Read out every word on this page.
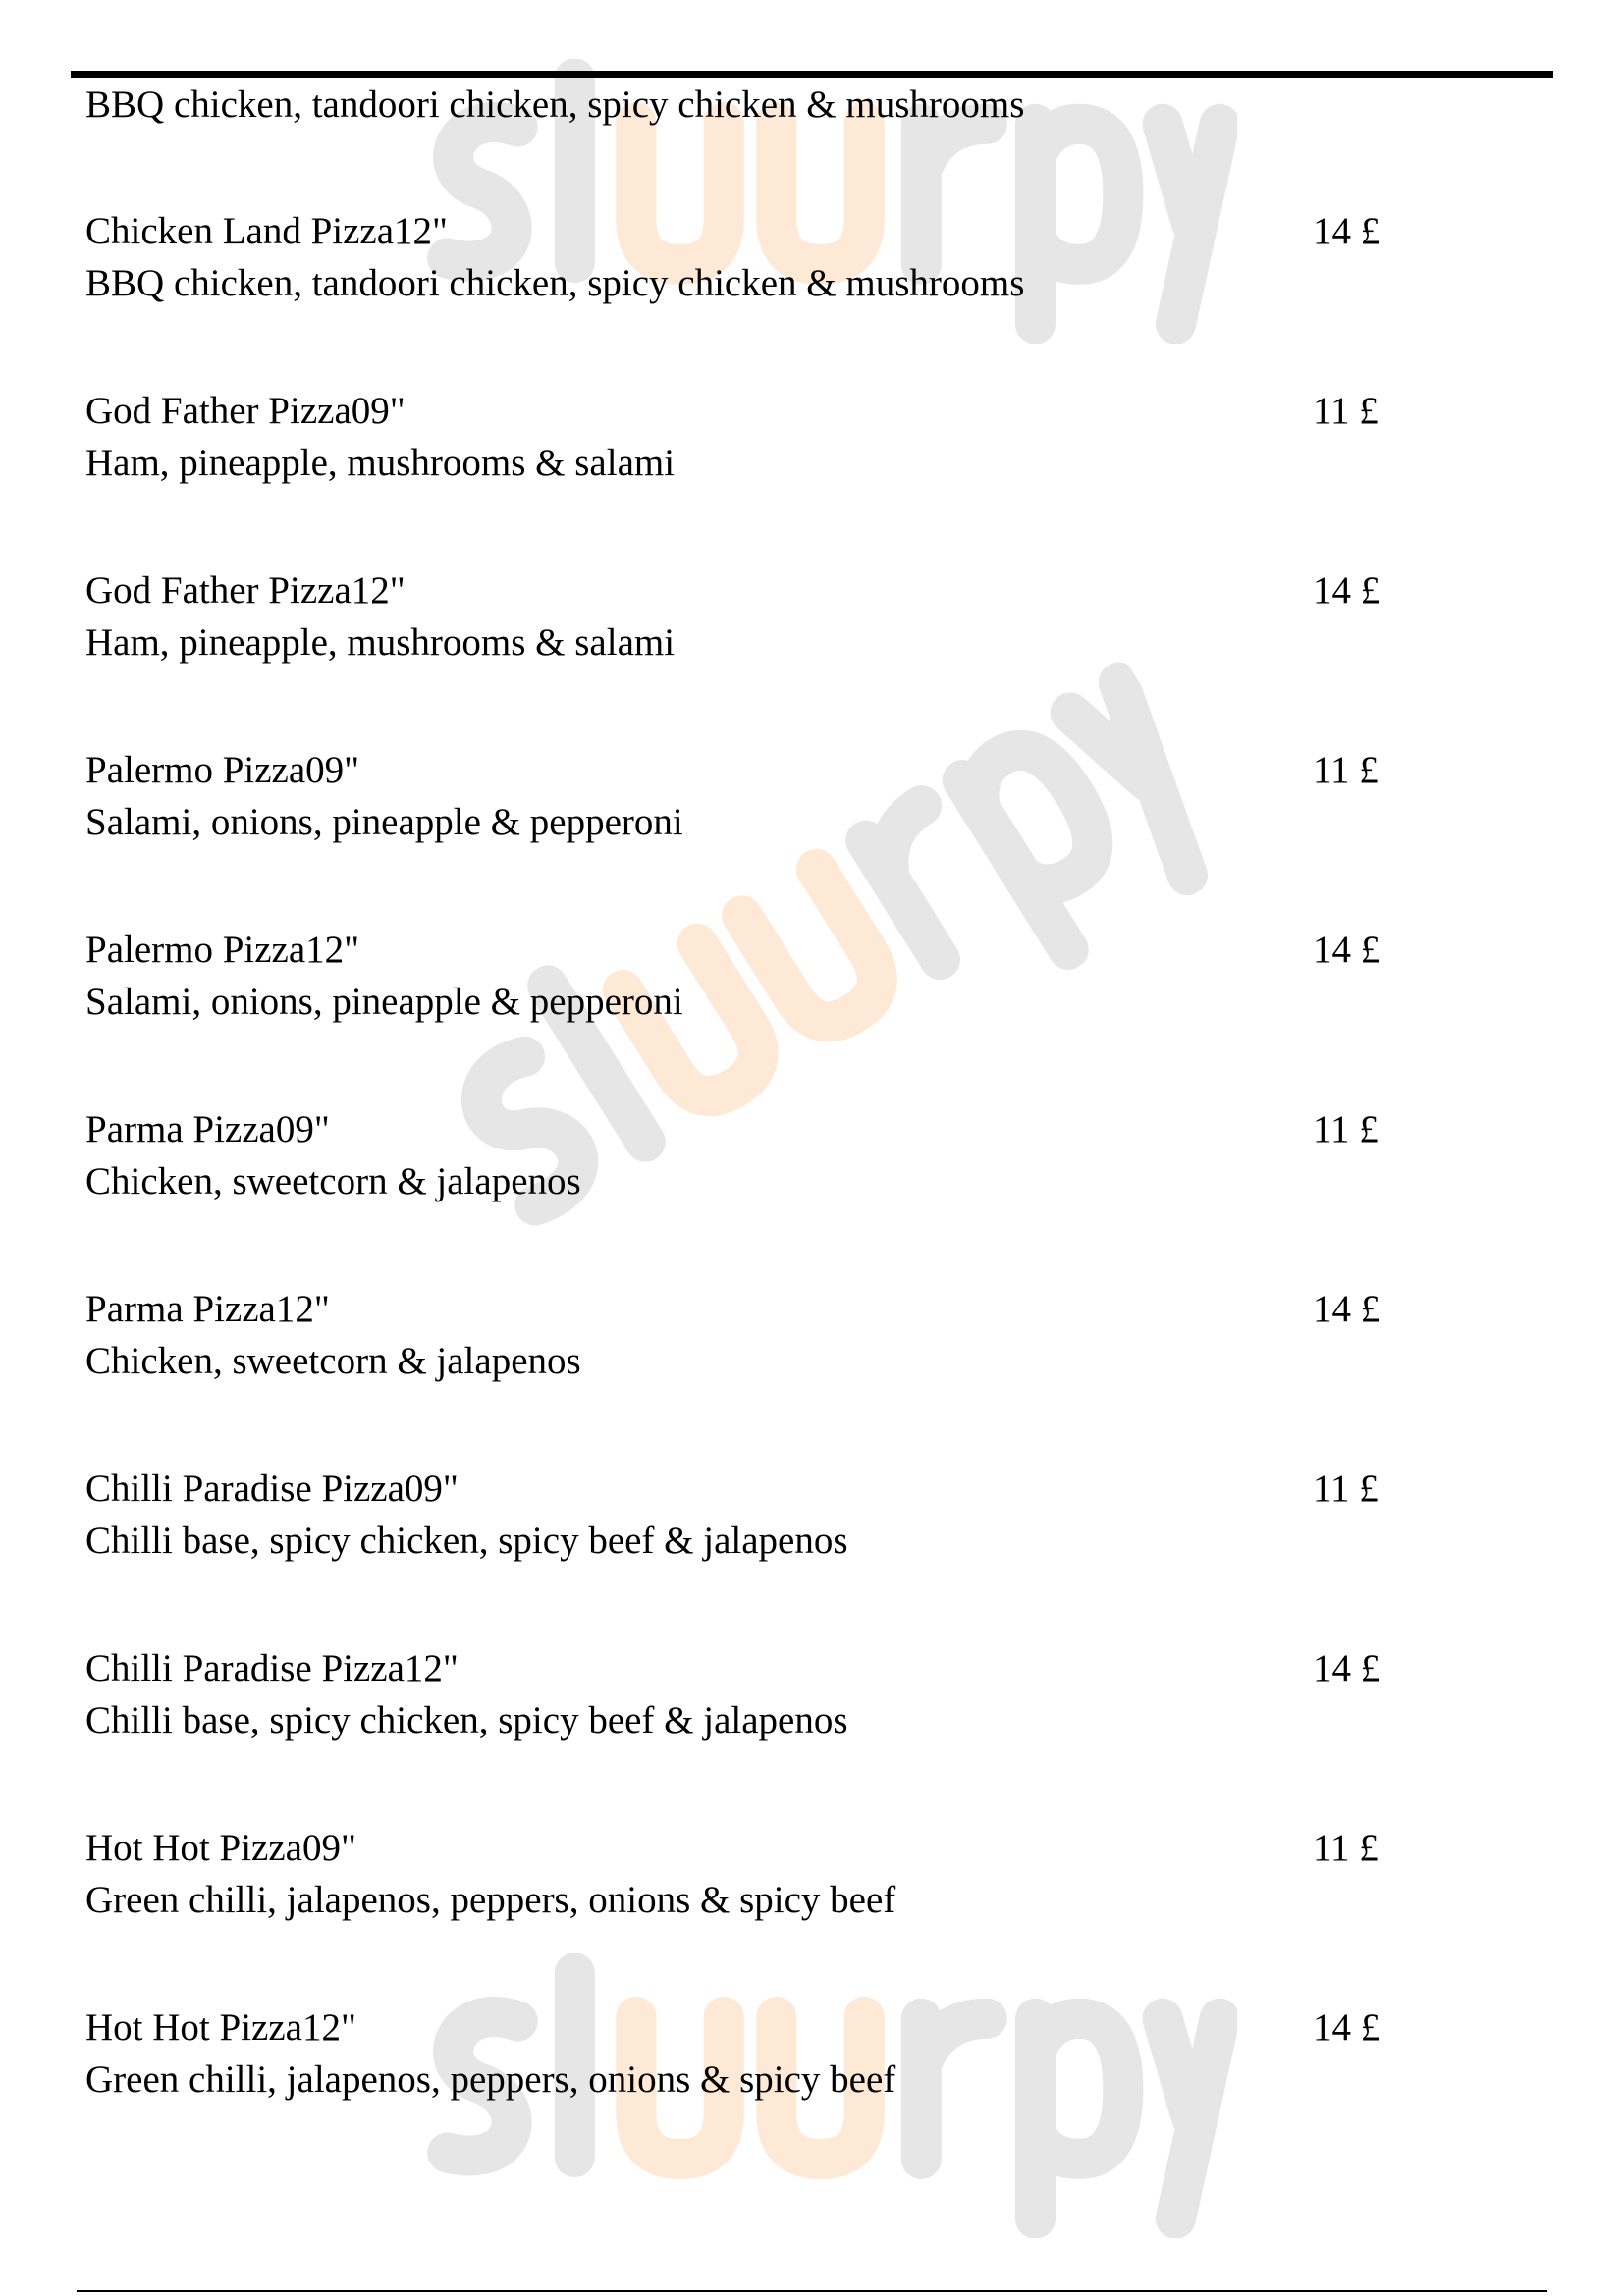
BBQ chicken, tandoori chicken, spicy chicken & mushrooms
Chicken Land Pizza12"	14 £
BBQ chicken, tandoori chicken, spicy chicken & mushrooms
God Father Pizza09"	11 £
Ham, pineapple, mushrooms & salami
God Father Pizza12"	14 £
Ham, pineapple, mushrooms & salami
Palermo Pizza09"	11 £
Salami, onions, pineapple & pepperoni
Palermo Pizza12"	14 £
Salami, onions, pineapple & pepperoni
Parma Pizza09"	11 £
Chicken, sweetcorn & jalapenos
Parma Pizza12"	14 £
Chicken, sweetcorn & jalapenos
Chilli Paradise Pizza09"	11 £
Chilli base, spicy chicken, spicy beef & jalapenos
Chilli Paradise Pizza12"	14 £
Chilli base, spicy chicken, spicy beef & jalapenos
Hot Hot Pizza09"	11 £
Green chilli, jalapenos, peppers, onions & spicy beef
Hot Hot Pizza12"	14 £
Green chilli, jalapenos, peppers, onions & spicy beef
